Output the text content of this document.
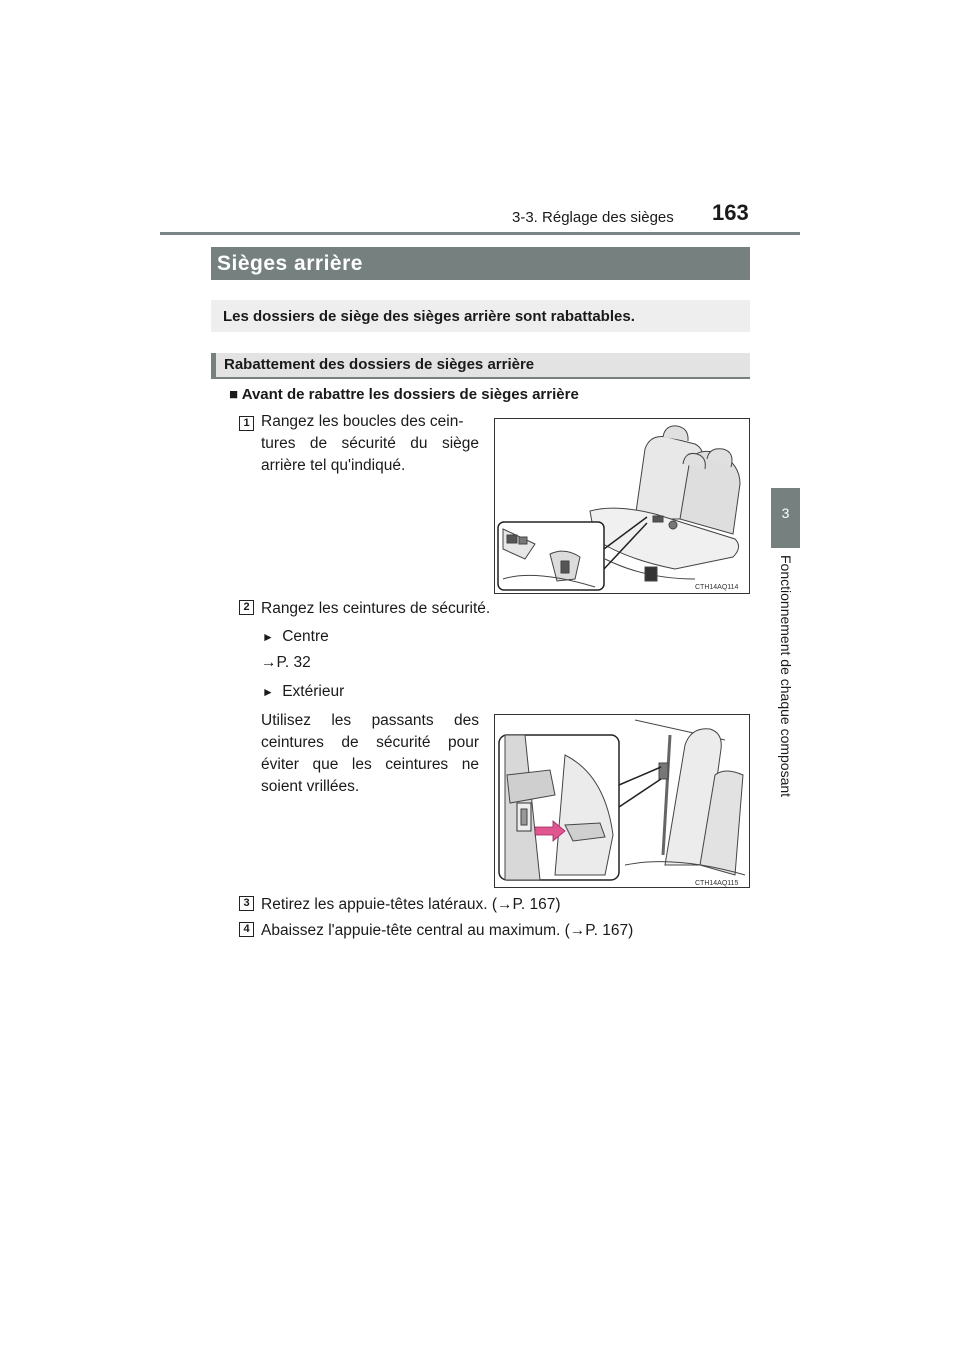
3-3. Réglage des sièges 163
3
Fonctionnement de chaque composant
Sièges arrière
Les dossiers de siège des sièges arrière sont rabattables.
Rabattement des dossiers de sièges arrière
■ Avant de rabattre les dossiers de sièges arrière
1 Rangez les boucles des cein-
tures de sécurité du siège
arrière tel qu'indiqué.
CTH14AQ114
2 Rangez les ceintures de sécurité.
► Centre
→P. 32
► Extérieur
Utilisez les passants des
ceintures de sécurité pour
éviter que les ceintures ne
soient vrillées.
CTH14AQ115
3 Retirez les appuie-têtes latéraux. (→P. 167)
4 Abaissez l'appuie-tête central au maximum. (→P. 167)
